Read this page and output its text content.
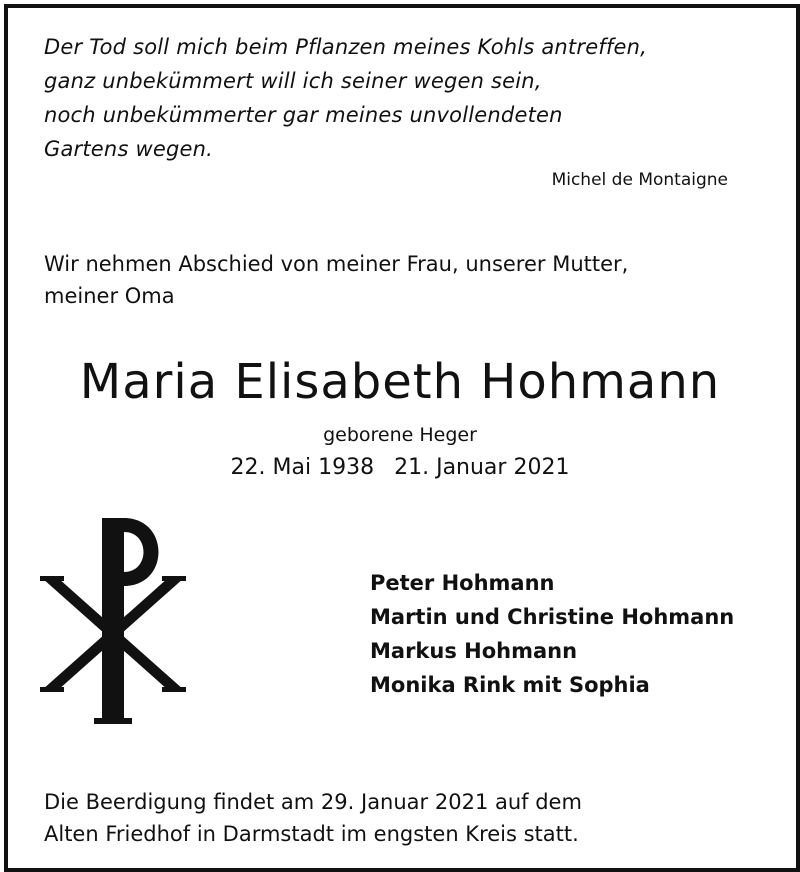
Der Tod soll mich beim Pflanzen meines Kohls antreffen,
ganz unbekümmert will ich seiner wegen sein,
noch unbekümmerter gar meines unvollendeten
Gartens wegen.
Michel de Montaigne
Wir nehmen Abschied von meiner Frau, unserer Mutter,
meiner Oma
Maria Elisabeth Hohmann
geborene Heger
22. Mai 1938 21. Januar 2021
Peter Hohmann
Martin und Christine Hohmann
Markus Hohmann
Monika Rink mit Sophia
Die Beerdigung findet am 29. Januar 2021 auf dem
Alten Friedhof in Darmstadt im engsten Kreis statt.
